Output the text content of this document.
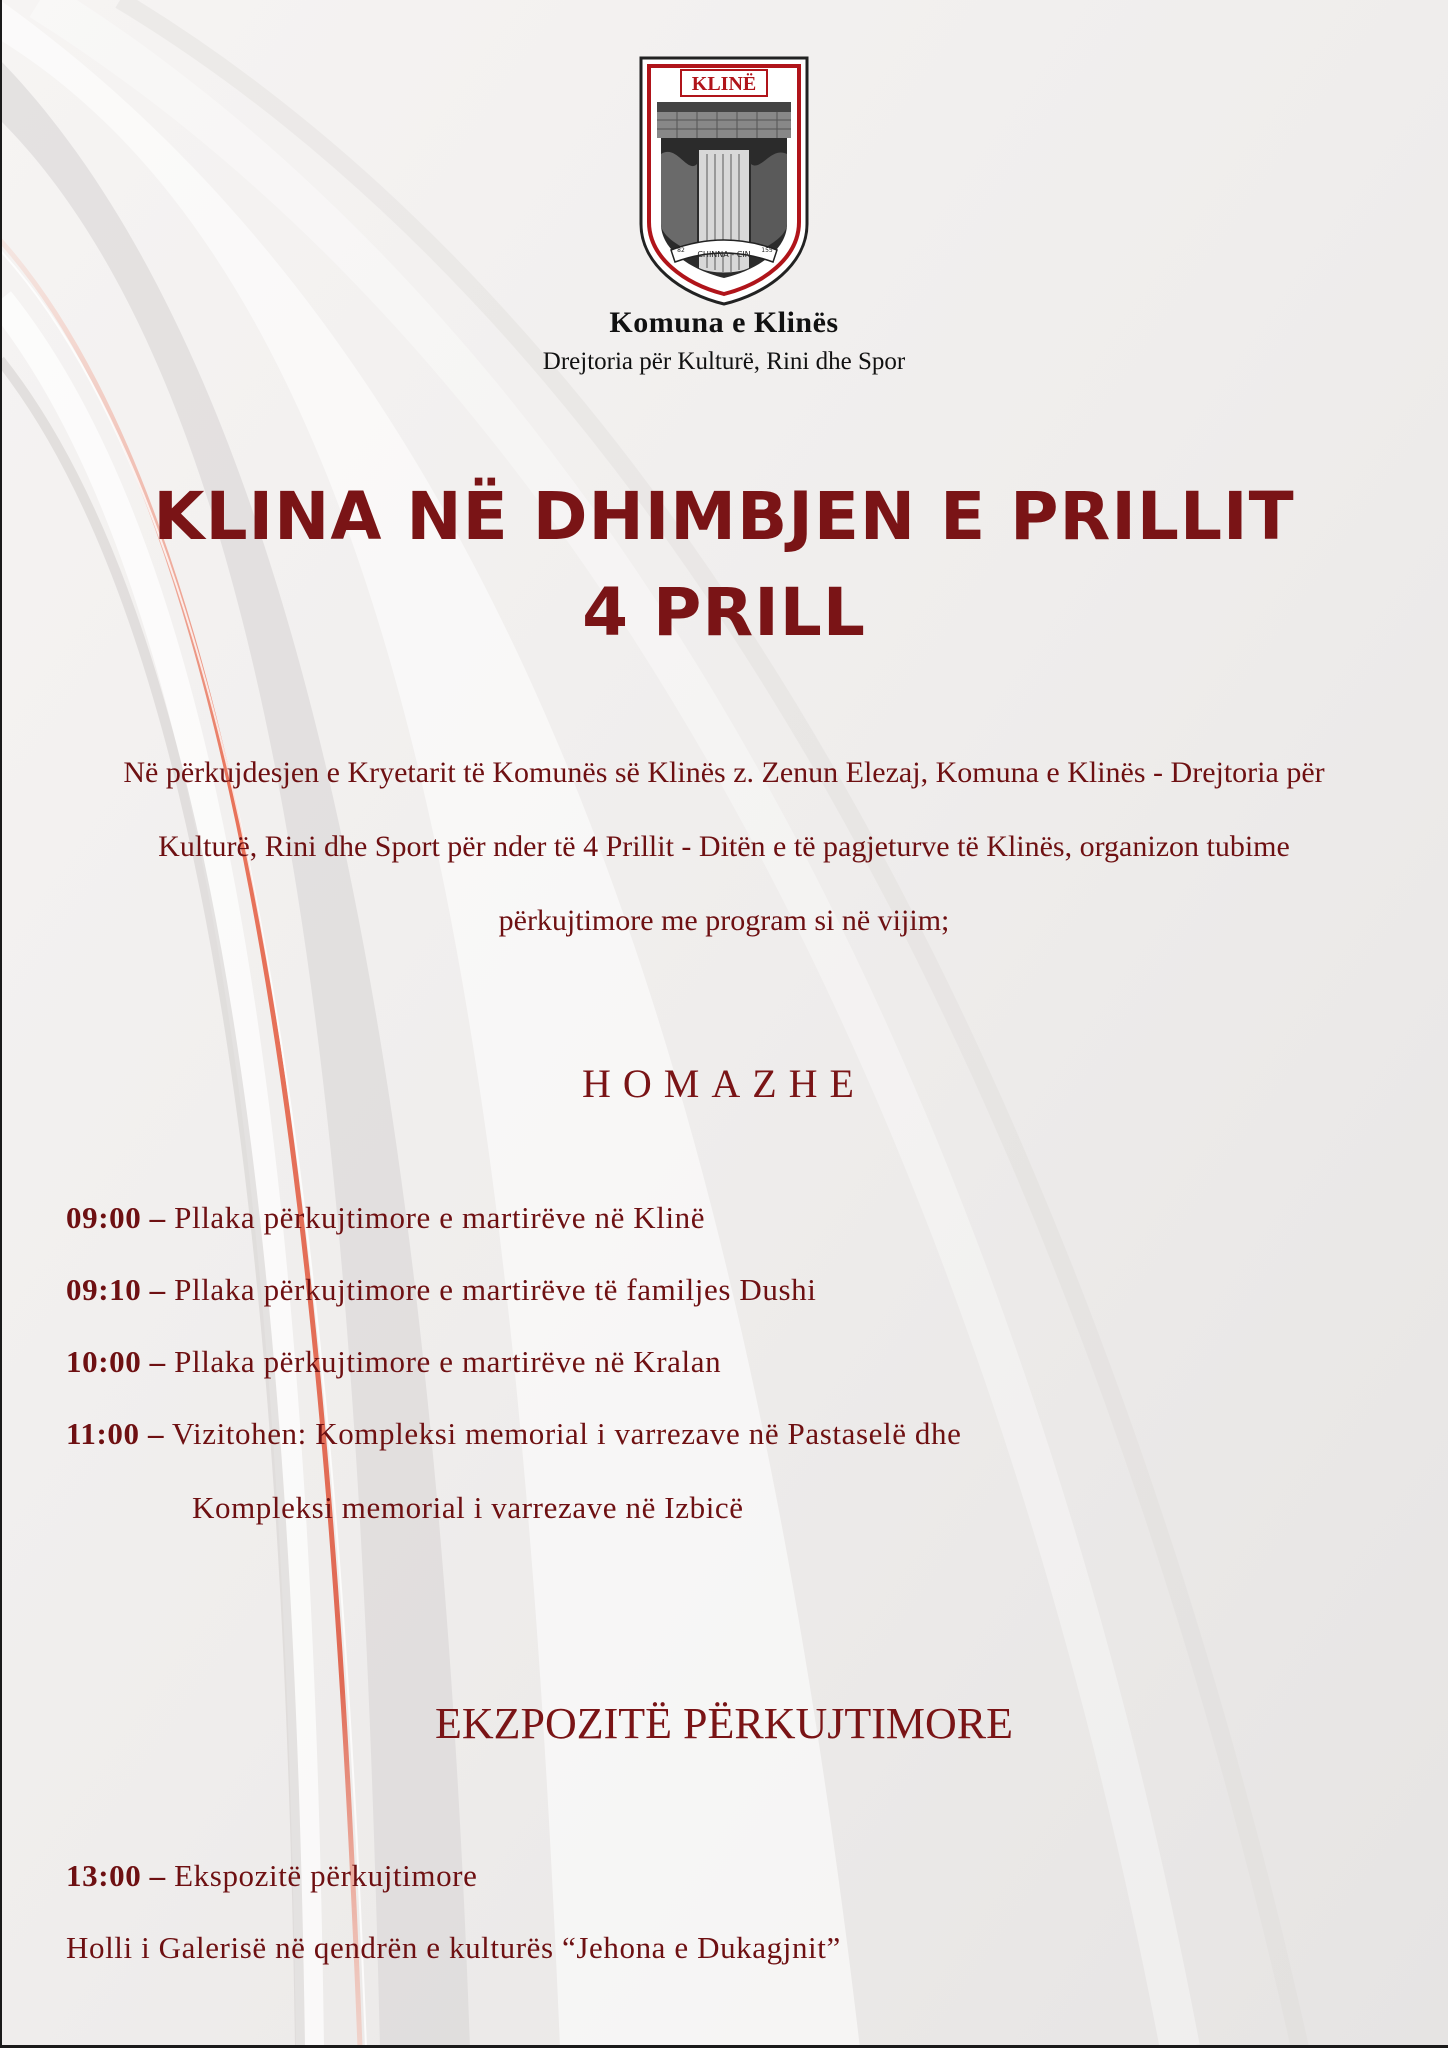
KLINË
CHINNA - CIN
82	155
Komuna e Klinës
Drejtoria për Kulturë, Rini dhe Spor
KLINA NË DHIMBJEN E PRILLIT
4 PRILL
Në përkujdesjen e Kryetarit të Komunës së Klinës z. Zenun Elezaj, Komuna e Klinës - Drejtoria për Kulturë, Rini dhe Sport për nder të 4 Prillit - Ditën e të pagjeturve të Klinës, organizon tubime përkujtimore me program si në vijim;
HOMAZHE
09:00 – Pllaka përkujtimore e martirëve në Klinë
09:10 – Pllaka përkujtimore e martirëve të familjes Dushi
10:00 – Pllaka përkujtimore e martirëve në Kralan
11:00 – Vizitohen: Kompleksi memorial i varrezave në Pastaselë dhe
Kompleksi memorial i varrezave në Izbicë
EKZPOZITË PËRKUJTIMORE
13:00 – Ekspozitë përkujtimore
Holli i Galerisë në qendrën e kulturës “Jehona e Dukagjnit”
